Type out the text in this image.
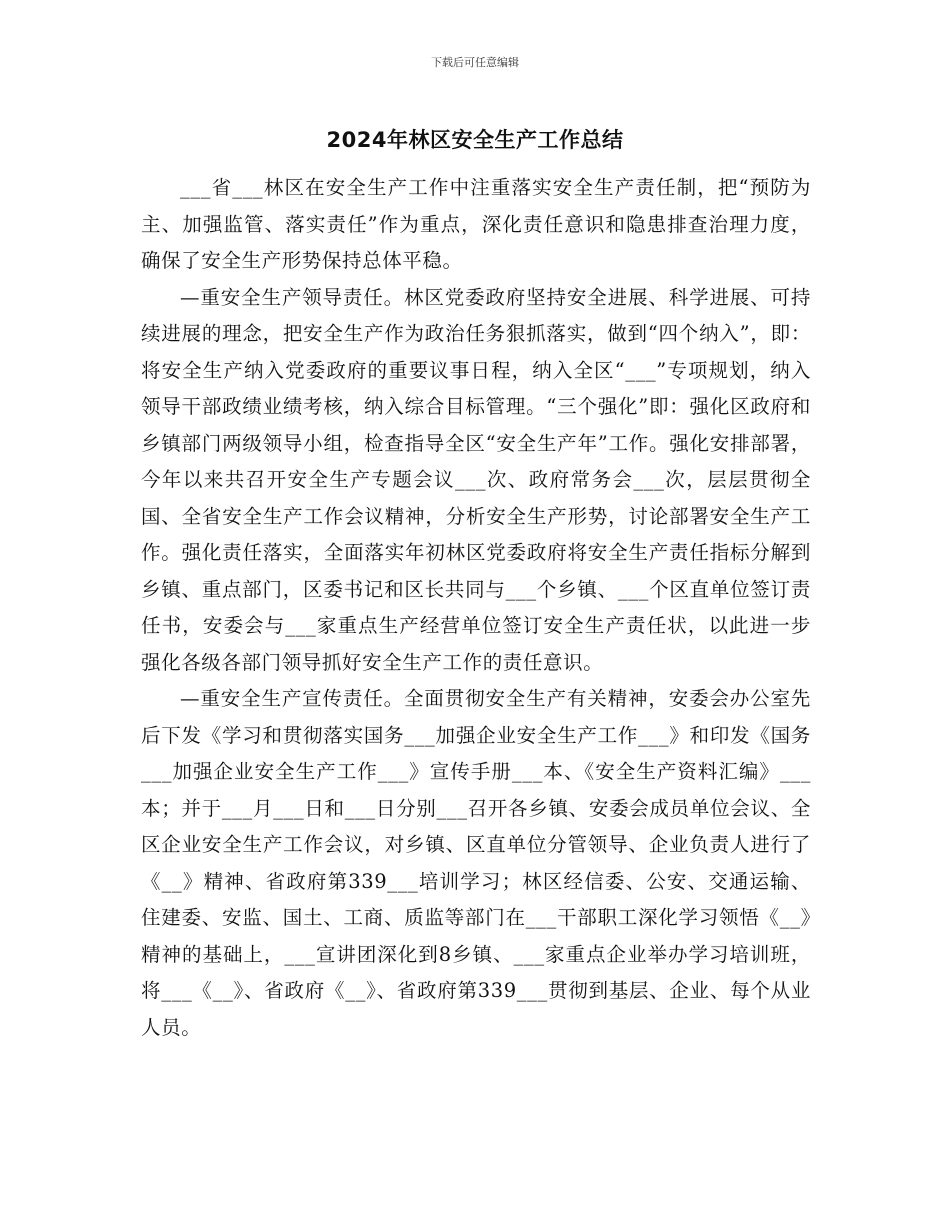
下载后可任意编辑
2024年林区安全生产工作总结

___省___林区在安全生产工作中注重落实安全生产责任制，把“预防为主、加强监管、落实责任”作为重点，深化责任意识和隐患排查治理力度，确保了安全生产形势保持总体平稳。

—重安全生产领导责任。林区党委政府坚持安全进展、科学进展、可持续进展的理念，把安全生产作为政治任务狠抓落实，做到“四个纳入”，即：将安全生产纳入党委政府的重要议事日程，纳入全区“___”专项规划，纳入领导干部政绩业绩考核，纳入综合目标管理。“三个强化”即：强化区政府和乡镇部门两级领导小组，检查指导全区“安全生产年”工作。强化安排部署，今年以来共召开安全生产专题会议___次、政府常务会___次，层层贯彻全国、全省安全生产工作会议精神，分析安全生产形势，讨论部署安全生产工作。强化责任落实，全面落实年初林区党委政府将安全生产责任指标分解到乡镇、重点部门，区委书记和区长共同与___个乡镇、___个区直单位签订责任书，安委会与___家重点生产经营单位签订安全生产责任状，以此进一步强化各级各部门领导抓好安全生产工作的责任意识。

—重安全生产宣传责任。全面贯彻安全生产有关精神，安委会办公室先后下发《学习和贯彻落实国务___加强企业安全生产工作___》和印发《国务___加强企业安全生产工作___》宣传手册___本、《安全生产资料汇编》___本；并于___月___日和___日分别___召开各乡镇、安委会成员单位会议、全区企业安全生产工作会议，对乡镇、区直单位分管领导、企业负责人进行了《__》精神、省政府第339___培训学习；林区经信委、公安、交通运输、住建委、安监、国土、工商、质监等部门在___干部职工深化学习领悟《__》精神的基础上，___宣讲团深化到8乡镇、___家重点企业举办学习培训班，将___《__》、省政府《__》、省政府第339___贯彻到基层、企业、每个从业人员。
